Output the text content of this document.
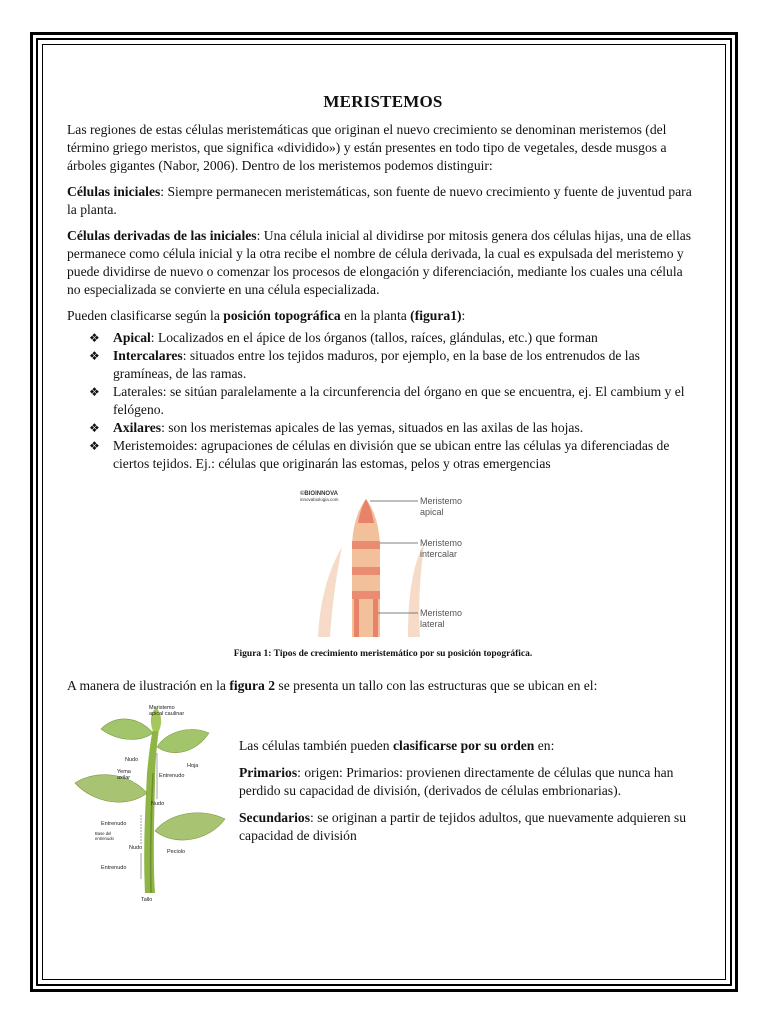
MERISTEMOS

Las regiones de estas células meristemáticas que originan el nuevo crecimiento se denominan meristemos (del término griego meristos, que significa «dividido») y están presentes en todo tipo de vegetales, desde musgos a árboles gigantes (Nabor, 2006). Dentro de los meristemos podemos distinguir:

Células iniciales: Siempre permanecen meristemáticas, son fuente de nuevo crecimiento y fuente de juventud para la planta.

Células derivadas de las iniciales: Una célula inicial al dividirse por mitosis genera dos células hijas, una de ellas permanece como célula inicial y la otra recibe el nombre de célula derivada, la cual es expulsada del meristemo y puede dividirse de nuevo o comenzar los procesos de elongación y diferenciación, mediante los cuales una célula no especializada se convierte en una célula especializada.

Pueden clasificarse según la posición topográfica en la planta (figura1):

❖ Apical: Localizados en el ápice de los órganos (tallos, raíces, glándulas, etc.) que forman
❖ Intercalares: situados entre los tejidos maduros, por ejemplo, en la base de los entrenudos de las gramíneas, de las ramas.
❖ Laterales: se sitúan paralelamente a la circunferencia del órgano en que se encuentra, ej. El cambium y el felógeno.
❖ Axilares: son los meristemas apicales de las yemas, situados en las axilas de las hojas.
❖ Meristemoides: agrupaciones de células en división que se ubican entre las células ya diferenciadas de ciertos tejidos. Ej.: células que originarán las estomas, pelos y otras emergencias
©BIOINNOVA
innovabiologia.com	Meristemo
apical
Meristemo
intercalar
Meristemo
lateral
Figura 1: Tipos de crecimiento meristemático por su posición topográfica.

A manera de ilustración en la figura 2 se presenta un tallo con las estructuras que se ubican en el:

Meristemo
apical caulinar
Hoja
Nudo
Yema
axilar	Entrenudo
Nudo
Entrenudo
Base del
entrenudo
Nudo
Peciolo
Entrenudo
Tallo

Las células también pueden clasificarse por su orden en:

Primarios: origen: Primarios: provienen directamente de células que nunca han perdido su capacidad de división, (derivados de células embrionarias).

Secundarios: se originan a partir de tejidos adultos, que nuevamente adquieren su capacidad de división
